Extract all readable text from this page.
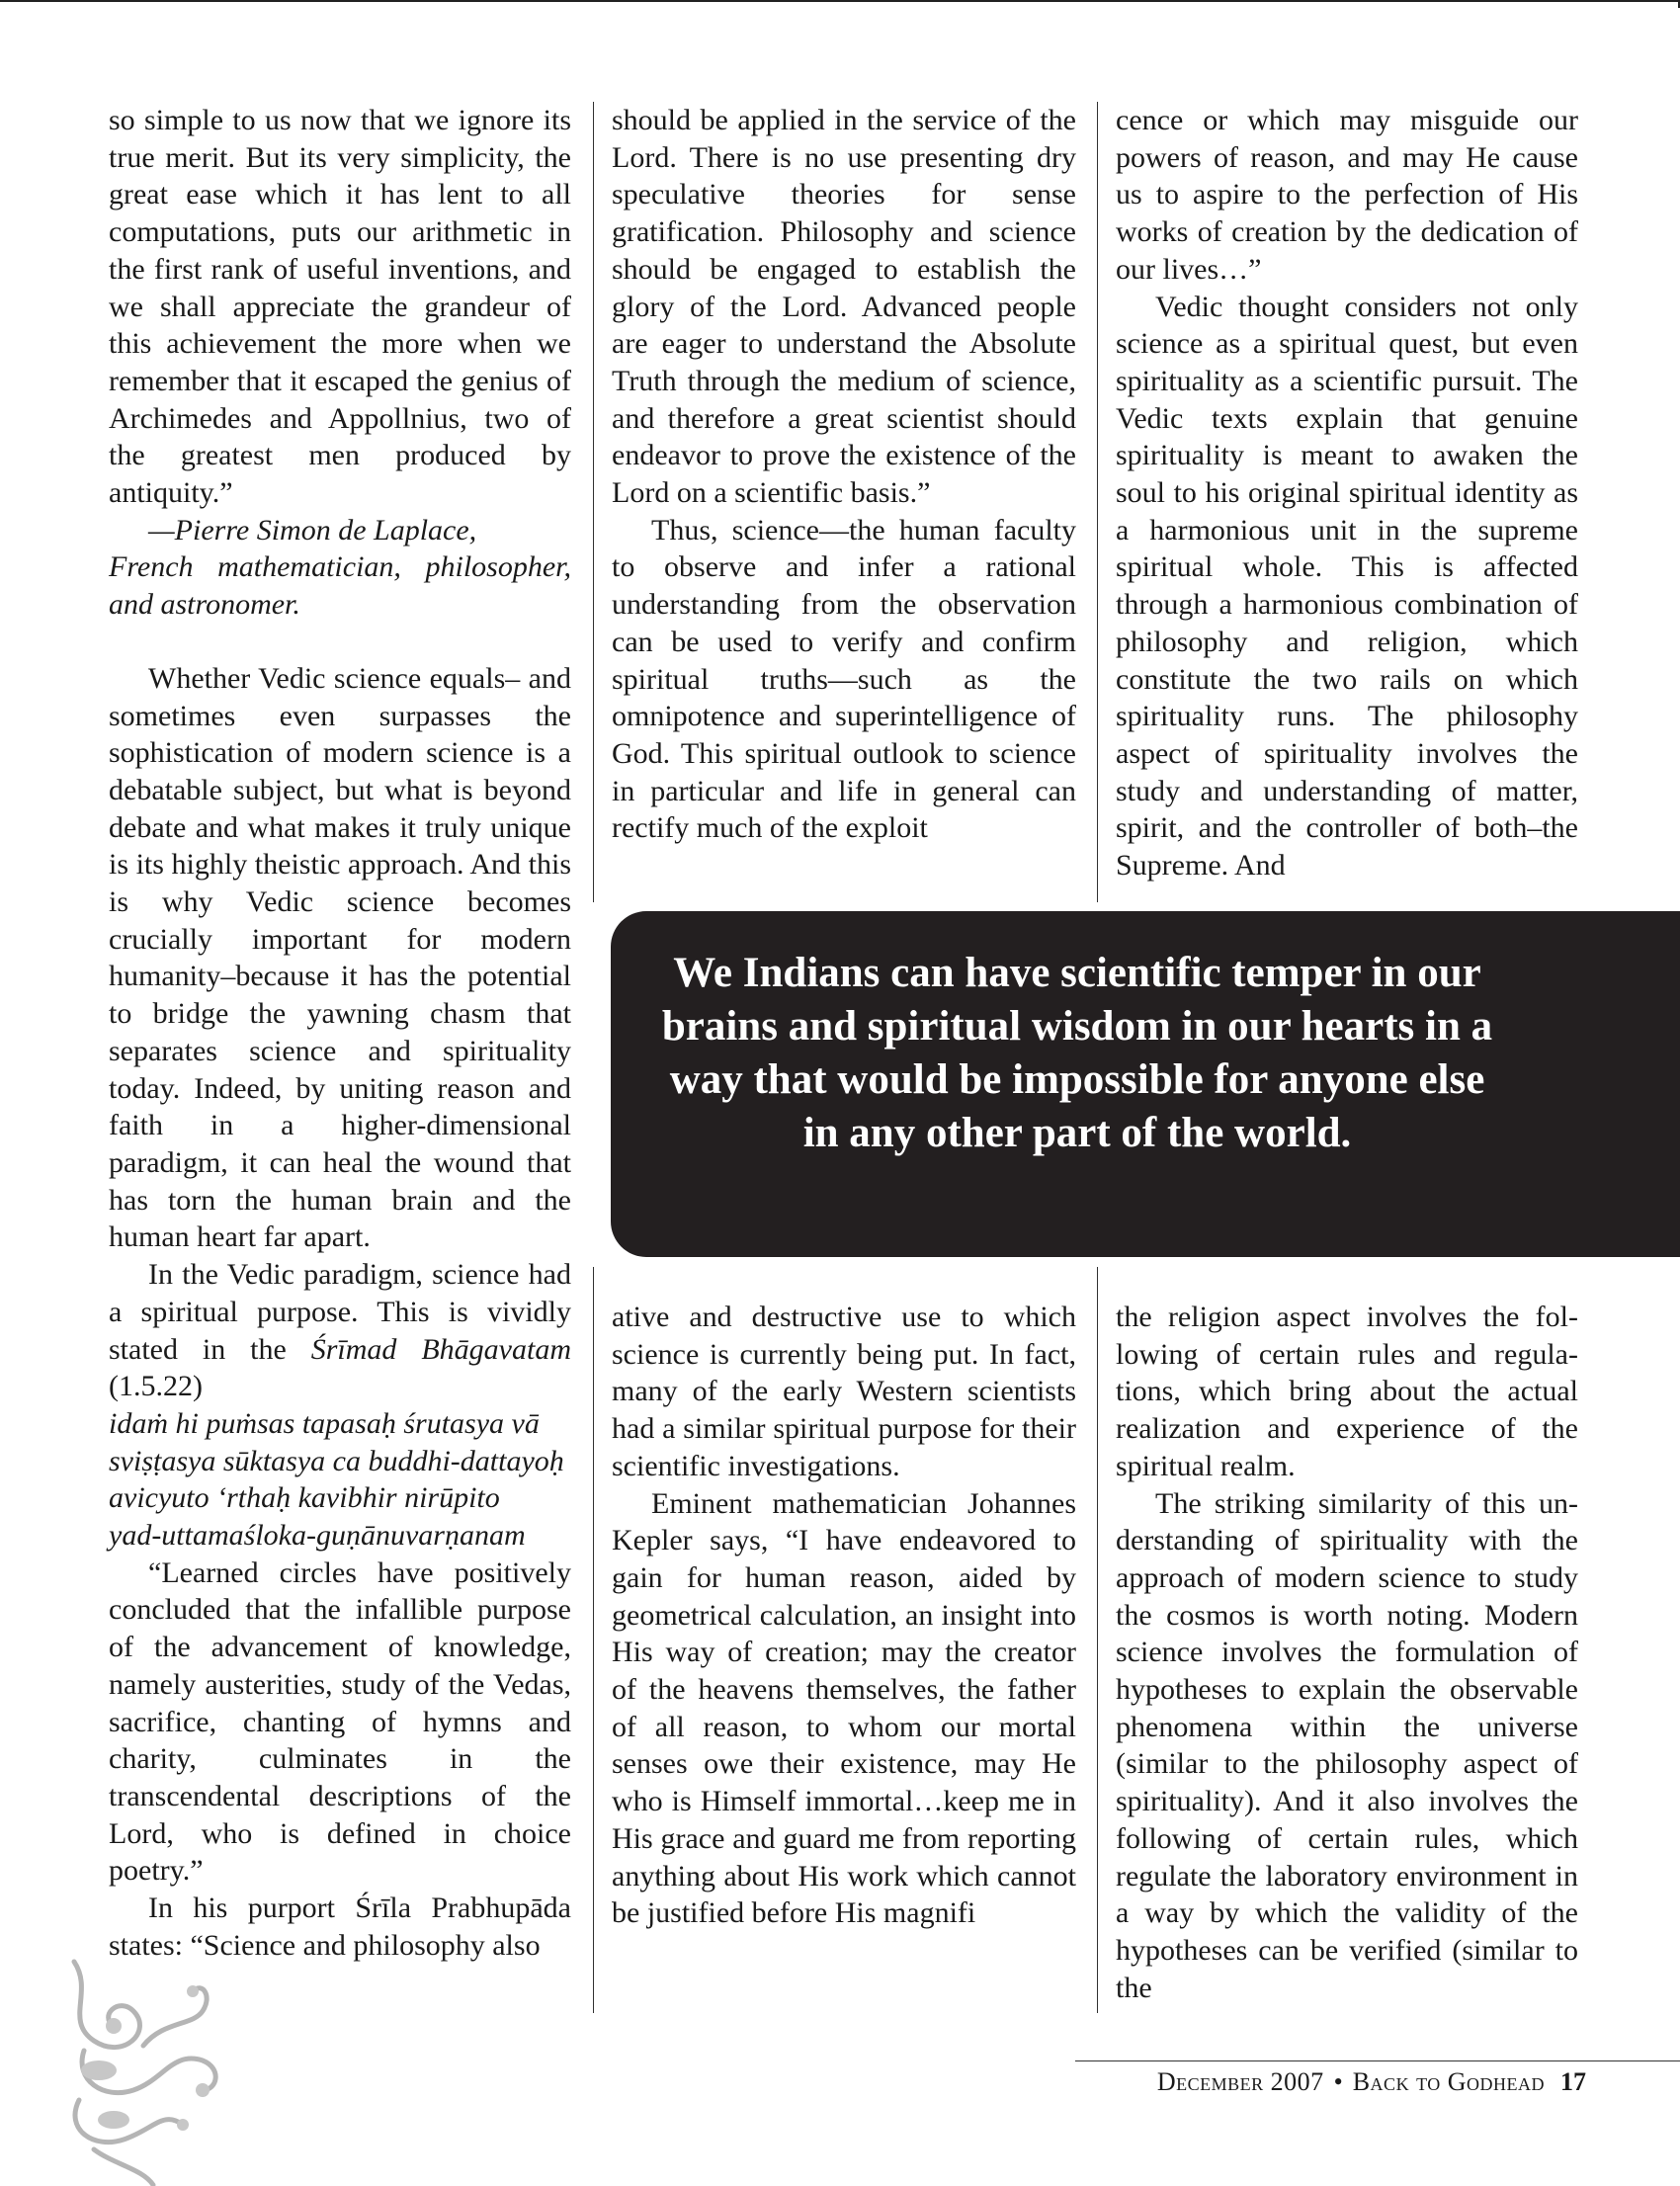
so simple to us now that we ignore its true merit. But its very simplicity, the great ease which it has lent to all computations, puts our arithmetic in the first rank of useful inventions, and we shall appreciate the grandeur of this achievement the more when we remember that it escaped the genius of Archimedes and Appollnius, two of the greatest men produced by antiquity.”

—Pierre Simon de Laplace,

French mathematician, philosopher, and astronomer.

Whether Vedic science equals– and sometimes even surpasses the sophistication of modern science is a debatable subject, but what is beyond debate and what makes it truly unique is its highly theistic approach. And this is why Vedic science becomes crucially important for modern humanity–because it has the potential to bridge the yawning chasm that separates science and spirituality today. Indeed, by uniting reason and faith in a higher-dimensional paradigm, it can heal the wound that has torn the human brain and the human heart far apart.

In the Vedic paradigm, science had a spiritual purpose. This is vividly stated in the Śrīmad Bhāgavatam (1.5.22)

idaṁ hi puṁsas tapasaḥ śrutasya vā

sviṣṭasya sūktasya ca buddhi-dattayoḥ

avicyuto ‘rthaḥ kavibhir nirūpito

yad-uttamaśloka-guṇānuvarṇanam

“Learned circles have positively concluded that the infallible purpose of the advancement of knowledge, namely austerities, study of the Vedas, sacrifice, chanting of hymns and charity, culminates in the transcendental descriptions of the Lord, who is defined in choice poetry.”

In his purport Śrīla Prabhupāda states: “Science and philosophy also

should be applied in the service of the Lord. There is no use presenting dry speculative theories for sense gratification. Philosophy and science should be engaged to establish the glory of the Lord. Advanced people are eager to understand the Absolute Truth through the medium of science, and therefore a great scientist should endeavor to prove the existence of the Lord on a scientific basis.”

Thus, science—the human faculty to observe and infer a rational understanding from the observation can be used to verify and confirm spiritual truths—such as the omnipotence and superintelligence of God. This spiritual outlook to science in particular and life in general can rectify much of the exploit

cence or which may misguide our powers of reason, and may He cause us to aspire to the perfection of His works of creation by the dedication of our lives…”

Vedic thought considers not only science as a spiritual quest, but even spirituality as a scientific pursuit. The Vedic texts explain that genuine spirituality is meant to awaken the soul to his original spiritual identity as a harmonious unit in the supreme spiritual whole. This is affected through a harmonious combination of philosophy and religion, which constitute the two rails on which spirituality runs. The philosophy aspect of spirituality involves the study and understanding of matter, spirit, and the controller of both–the Supreme. And

We Indians can have scientific temper in our brains and spiritual wisdom in our hearts in a way that would be impossible for anyone else in any other part of the world.

ative and destructive use to which science is currently being put. In fact, many of the early Western scientists had a similar spiritual purpose for their scientific investigations.

Eminent mathematician Johannes Kepler says, “I have endeavored to gain for human reason, aided by geometrical calculation, an insight into His way of creation; may the creator of the heavens themselves, the father of all reason, to whom our mortal senses owe their existence, may He who is Himself immortal…keep me in His grace and guard me from reporting anything about His work which cannot be justified before His magnifi

the religion aspect involves the following of certain rules and regulations, which bring about the actual realization and experience of the spiritual realm.

The striking similarity of this understanding of spirituality with the approach of modern science to study the cosmos is worth noting. Modern science involves the formulation of hypotheses to explain the observable phenomena within the universe (similar to the philosophy aspect of spirituality). And it also involves the following of certain rules, which regulate the laboratory environment in a way by which the validity of the hypotheses can be verified (similar to the

December 2007 • Back to Godhead 17
